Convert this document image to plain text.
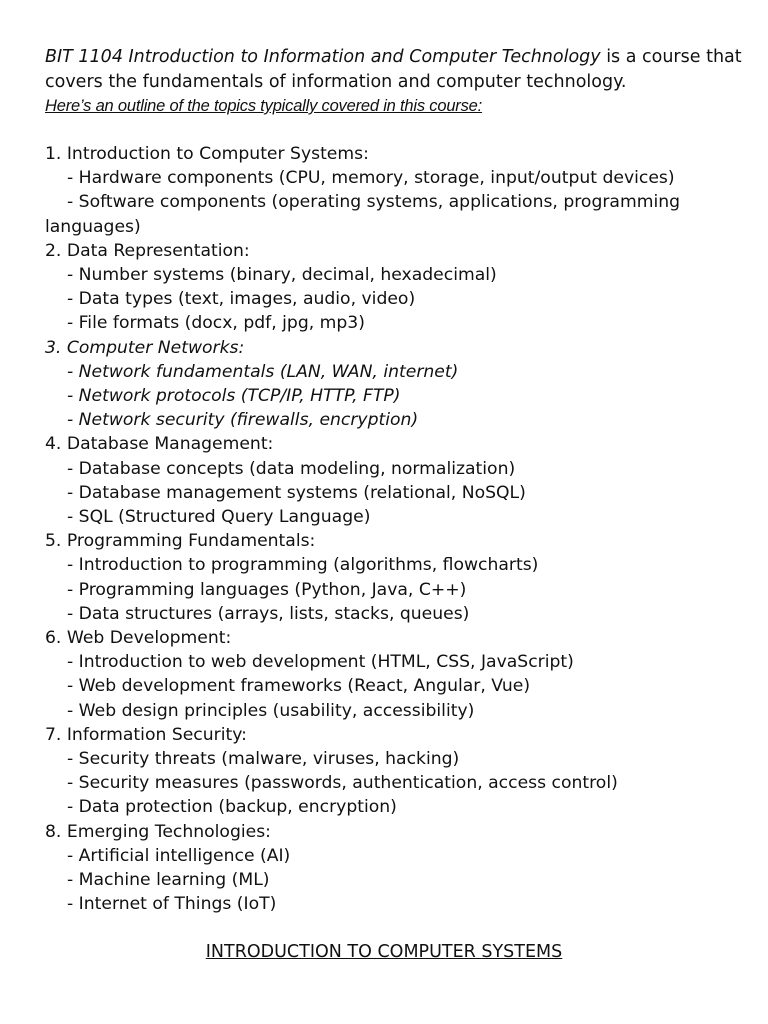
BIT 1104 Introduction to Information and Computer Technology is a course that covers the fundamentals of information and computer technology.
Here’s an outline of the topics typically covered in this course:
1. Introduction to Computer Systems:
- Hardware components (CPU, memory, storage, input/output devices)
- Software components (operating systems, applications, programming languages)
2. Data Representation:
- Number systems (binary, decimal, hexadecimal)
- Data types (text, images, audio, video)
- File formats (docx, pdf, jpg, mp3)
3. Computer Networks:
- Network fundamentals (LAN, WAN, internet)
- Network protocols (TCP/IP, HTTP, FTP)
- Network security (firewalls, encryption)
4. Database Management:
- Database concepts (data modeling, normalization)
- Database management systems (relational, NoSQL)
- SQL (Structured Query Language)
5. Programming Fundamentals:
- Introduction to programming (algorithms, flowcharts)
- Programming languages (Python, Java, C++)
- Data structures (arrays, lists, stacks, queues)
6. Web Development:
- Introduction to web development (HTML, CSS, JavaScript)
- Web development frameworks (React, Angular, Vue)
- Web design principles (usability, accessibility)
7. Information Security:
- Security threats (malware, viruses, hacking)
- Security measures (passwords, authentication, access control)
- Data protection (backup, encryption)
8. Emerging Technologies:
- Artificial intelligence (AI)
- Machine learning (ML)
- Internet of Things (IoT)
INTRODUCTION TO COMPUTER SYSTEMS
